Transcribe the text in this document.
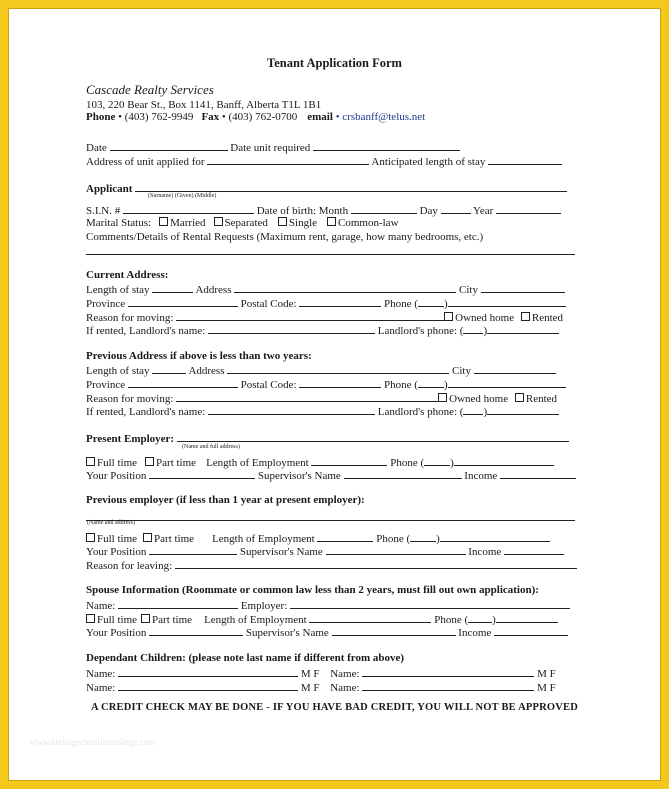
Tenant Application Form
Cascade Realty Services
103, 220 Bear St., Box 1141, Banff, Alberta T1L 1B1
Phone • (403) 762-9949 Fax • (403) 762-0700 email • crsbanff@telus.net
Date	Date unit required
Address of unit applied for	Anticipated length of stay
Applicant
(Surname) (Given) (Middle)
S.I.N. #	Date of birth: Month	Day	Year
Marital Status: Married Separated Single Common-law
Comments/Details of Rental Requests (Maximum rent, garage, how many bedrooms, etc.)
Current Address:
Length of stay	Address	City
Province	Postal Code:	Phone ( )
Reason for moving:	Owned home Rented
If rented, Landlord's name:	Landlord's phone: ( )
Previous Address if above is less than two years:
Length of stay	Address	City
Province	Postal Code:	Phone ( )
Reason for moving:	Owned home Rented
If rented, Landlord's name:	Landlord's phone: ( )
Present Employer:
(Name and full address)
Full time Part time Length of Employment	Phone ( )
Your Position	Supervisor's Name	Income
Previous employer (if less than 1 year at present employer):
(Name and address)
Full time Part time Length of Employment	Phone ( )
Your Position	Supervisor's Name	Income
Reason for leaving:
Spouse Information (Roommate or common law less than 2 years, must fill out own application):
Name:	Employer:
Full time Part time Length of Employment	Phone ( )
Your Position	Supervisor's Name	Income
Dependant Children: (please note last name if different from above)
Name:	M F Name:	M F
Name:	M F Name:	M F
A CREDIT CHECK MAY BE DONE - IF YOU HAVE BAD CREDIT, YOU WILL NOT BE APPROVED
www.heritagechristiancollege.com
